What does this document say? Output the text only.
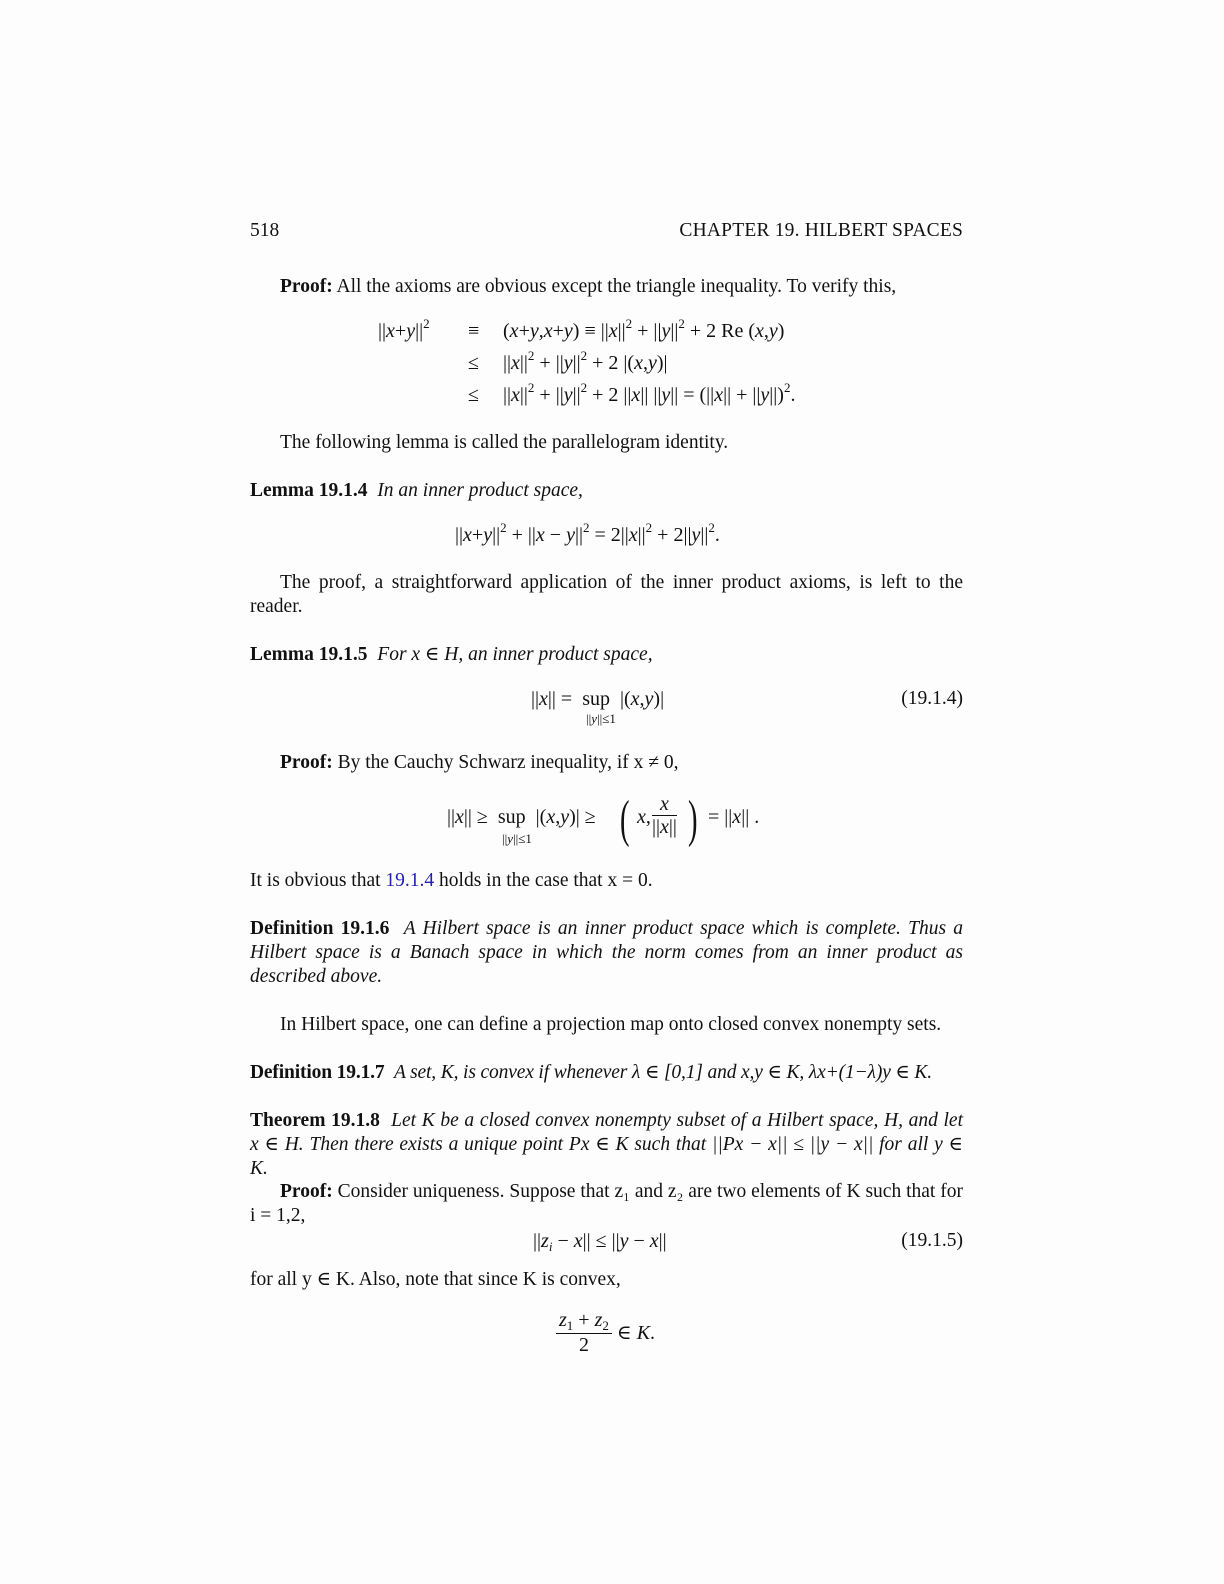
518	CHAPTER 19. HILBERT SPACES
Proof: All the axioms are obvious except the triangle inequality. To verify this,
$||x+y||^2 \equiv (x+y,x+y) \equiv ||x||^2 + ||y||^2 + 2$ Re (x,y)
≤ $||x||^2 + ||y||^2 + 2$ |(x,y)|
≤ $||x||^2 + ||y||^2 + 2$ ||x|| $||y|| = (||x|| + ||y||)^2$.
The following lemma is called the parallelogram identity.
Lemma 19.1.4 In an inner product space,
$||x+y||^2 + ||x - y||^2 = 2||x||^2 + 2||y||^2$.
The proof, a straightforward application of the inner product axioms, is left to the reader.
Lemma 19.1.5 For x ∈ H, an inner product space,
||x|| =  sup  |(x,y)|
||y||≤1
(19.1.4)
Proof: By the Cauchy Schwarz inequality, if x ≠ 0,
||x|| ≥  sup  |(x,y)| ≥
||y||≤1 ( x, $\frac{x}{||x||}$ ) = ||x|| .
It is obvious that 19.1.4 holds in the case that x = 0.
Definition 19.1.6 A Hilbert space is an inner product space which is complete. Thus a Hilbert space is a Banach space in which the norm comes from an inner product as described above.
In Hilbert space, one can define a projection map onto closed convex nonempty sets.
Definition 19.1.7 A set, K, is convex if whenever λ ∈ [0,1] and x,y ∈ K, λx+(1−λ)y ∈ K.
Theorem 19.1.8 Let K be a closed convex nonempty subset of a Hilbert space, H, and let x ∈ H. Then there exists a unique point Px ∈ K such that ||Px − x|| ≤ ||y − x|| for all y ∈ K.
Proof: Consider uniqueness. Suppose that z₁ and z₂ are two elements of K such that for i = 1,2,
$||z_i - x|| \le ||y - x||$	(19.1.5)
for all y ∈ K. Also, note that since K is convex,
$\frac{z_1 + z_2}{2}$ ∈ K.
